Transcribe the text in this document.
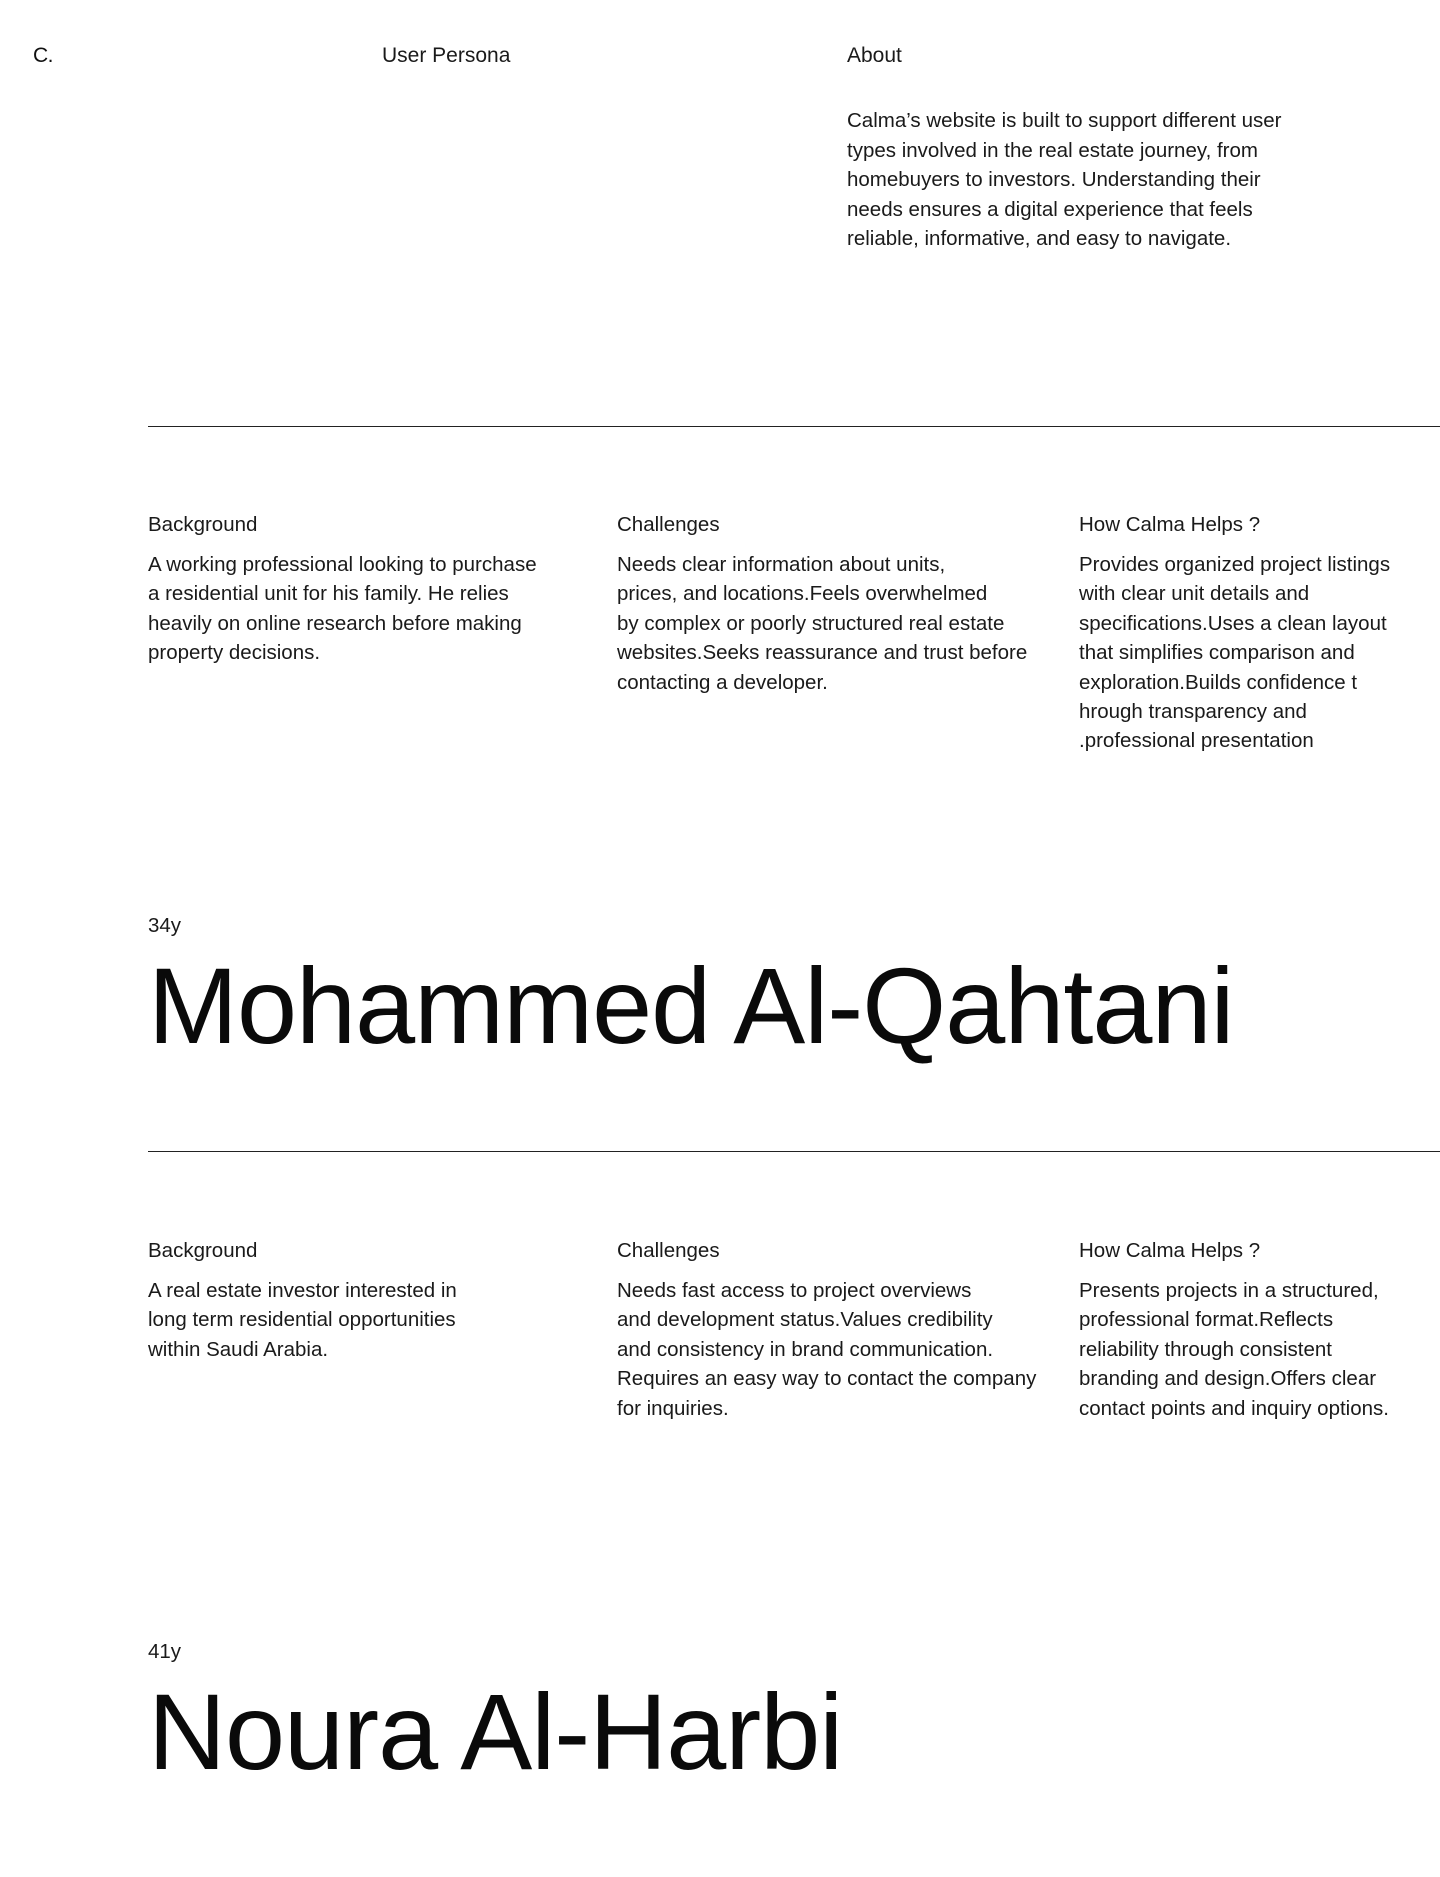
C.	User Persona	About
Calma’s website is built to support different user types involved in the real estate journey, from homebuyers to investors. Understanding their needs ensures a digital experience that feels reliable, informative, and easy to navigate.
Background
A working professional looking to purchase
a residential unit for his family. He relies
heavily on online research before making
property decisions.
Challenges
Needs clear information about units,
prices, and locations.Feels overwhelmed
by complex or poorly structured real estate
websites.Seeks reassurance and trust before
contacting a developer.
How Calma Helps ?
Provides organized project listings
with clear unit details and
specifications.Uses a clean layout
that simplifies comparison and
exploration.Builds confidence t
hrough transparency and
.professional presentation
34y
Mohammed Al-Qahtani
Background
A real estate investor interested in
long term residential opportunities
within Saudi Arabia.
Challenges
Needs fast access to project overviews
and development status.Values credibility
and consistency in brand communication.
Requires an easy way to contact the company
for inquiries.
How Calma Helps ?
Presents projects in a structured,
professional format.Reflects
reliability through consistent
branding and design.Offers clear
contact points and inquiry options.
41y
Noura Al-Harbi
